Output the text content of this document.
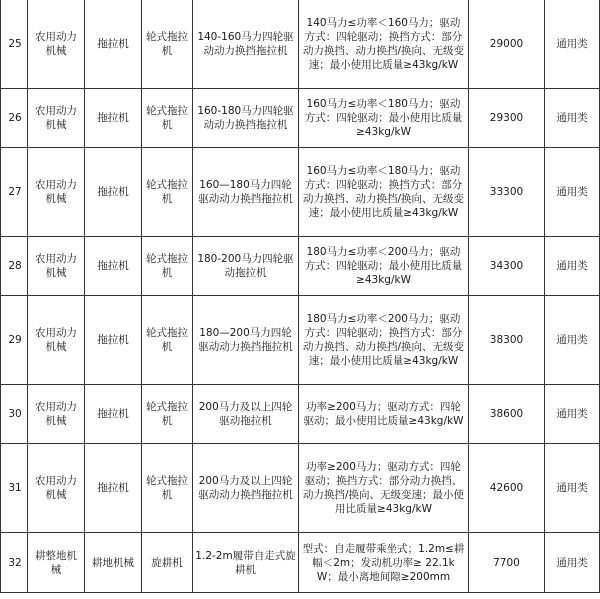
25	农用动力机械	拖拉机	轮式拖拉机	140-160马力四轮驱动动力换挡拖拉机	140马力≤功率＜160马力；驱动方式：四轮驱动；换挡方式：部分动力换挡、动力换挡/换向、无级变速；最小使用比质量≥43kg/kW	29000	通用类
26	农用动力机械	拖拉机	轮式拖拉机	160-180马力四轮驱动动力换挡拖拉机	160马力≤功率＜180马力；驱动方式：四轮驱动；最小使用比质量≥43kg/kW	29300	通用类
27	农用动力机械	拖拉机	轮式拖拉机	160—180马力四轮驱动动力换挡拖拉机	160马力≤功率＜180马力；驱动方式：四轮驱动；换挡方式：部分动力换挡、动力换挡/换向、无级变速；最小使用比质量≥43kg/kW	33300	通用类
28	农用动力机械	拖拉机	轮式拖拉机	180-200马力四轮驱动拖拉机	180马力≤功率＜200马力；驱动方式：四轮驱动；最小使用比质量≥43kg/kW	34300	通用类
29	农用动力机械	拖拉机	轮式拖拉机	180—200马力四轮驱动动力换挡拖拉机	180马力≤功率＜200马力；驱动方式：四轮驱动；换挡方式：部分动力换挡、动力换挡/换向、无级变速；最小使用比质量≥43kg/kW	38300	通用类
30	农用动力机械	拖拉机	轮式拖拉机	200马力及以上四轮驱动拖拉机	功率≥200马力；驱动方式：四轮驱动；最小使用比质量≥43kg/kW	38600	通用类
31	农用动力机械	拖拉机	轮式拖拉机	200马力及以上四轮驱动动力换挡拖拉机	功率≥200马力；驱动方式：四轮驱动；换挡方式：部分动力换挡、动力换挡/换向、无级变速；最小使用比质量≥43kg/kW	42600	通用类
32	耕整地机械	耕地机械	旋耕机	1.2-2m履带自走式旋耕机	型式：自走履带乘坐式；1.2m≤耕幅＜2m；发动机功率≥ 22.1kW；最小离地间隙≥200mm	7700	通用类
